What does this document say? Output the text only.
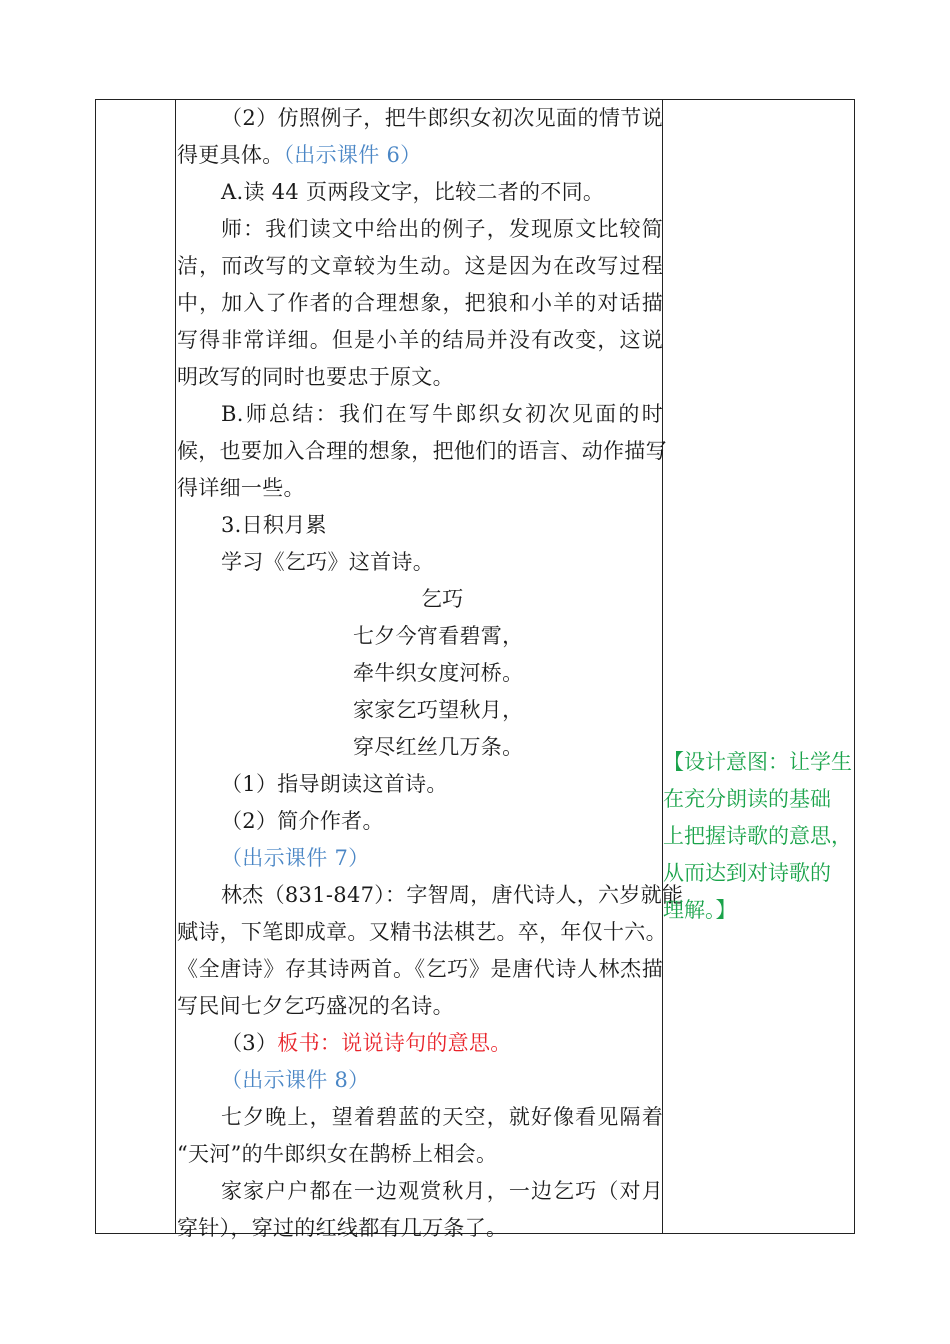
（2）仿照例子，把牛郎织女初次见面的情节说
得更具体。（出示课件 6）
A.读 44 页两段文字，比较二者的不同。
师：我们读文中给出的例子，发现原文比较简
洁，而改写的文章较为生动。这是因为在改写过程
中，加入了作者的合理想象，把狼和小羊的对话描
写得非常详细。但是小羊的结局并没有改变，这说
明改写的同时也要忠于原文。
B.师总结：我们在写牛郎织女初次见面的时
候，也要加入合理的想象，把他们的语言、动作描写
得详细一些。
3.日积月累
学习《乞巧》这首诗。
乞巧
七夕今宵看碧霄，
牵牛织女度河桥。
家家乞巧望秋月，
穿尽红丝几万条。
（1）指导朗读这首诗。
（2）简介作者。
（出示课件 7）
林杰（831-847）：字智周，唐代诗人，六岁就能
赋诗，下笔即成章。又精书法棋艺。卒，年仅十六。
《全唐诗》存其诗两首。《乞巧》是唐代诗人林杰描
写民间七夕乞巧盛况的名诗。
（3）板书：说说诗句的意思。
（出示课件 8）
七夕晚上，望着碧蓝的天空，就好像看见隔着
“天河”的牛郎织女在鹊桥上相会。
家家户户都在一边观赏秋月，一边乞巧（对月
穿针），穿过的红线都有几万条了。
【设计意图：让学生
在充分朗读的基础
上把握诗歌的意思，
从而达到对诗歌的
理解。】
